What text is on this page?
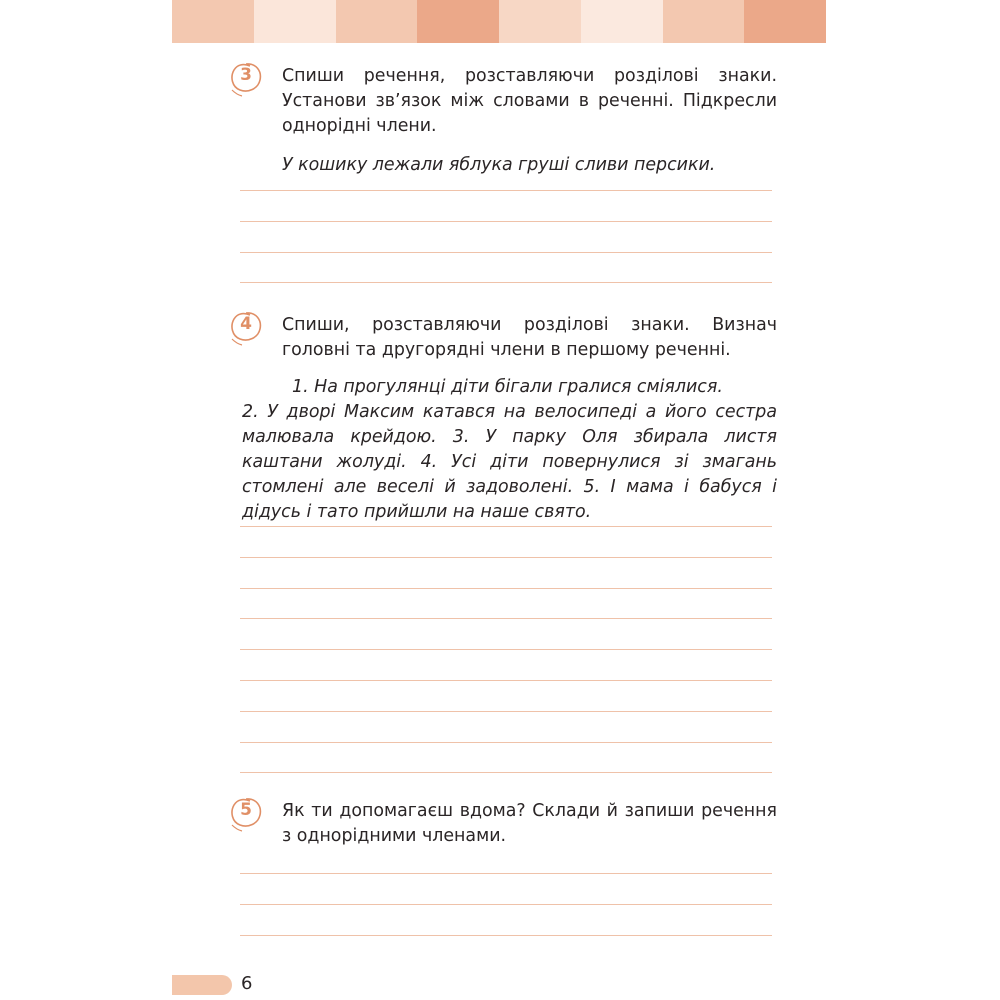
3	Спиши речення, розставляючи розділові знаки. Установи зв’язок між словами в реченні. Підкресли однорідні члени.
У кошику лежали яблука груші сливи персики.
4	Спиши, розставляючи розділові знаки. Визнач головні та другорядні члени в першому реченні.
1. На прогулянці діти бігали гралися сміялися.
2. У дворі Максим катався на велосипеді а його сестра малювала крейдою. 3. У парку Оля збирала листя каштани жолуді. 4. Усі діти повернулися зі змагань стомлені але веселі й задоволені. 5. І мама і бабуся і дідусь і тато прийшли на наше свято.
5	Як ти допомагаєш вдома? Склади й запиши речення з однорідними членами.
6
